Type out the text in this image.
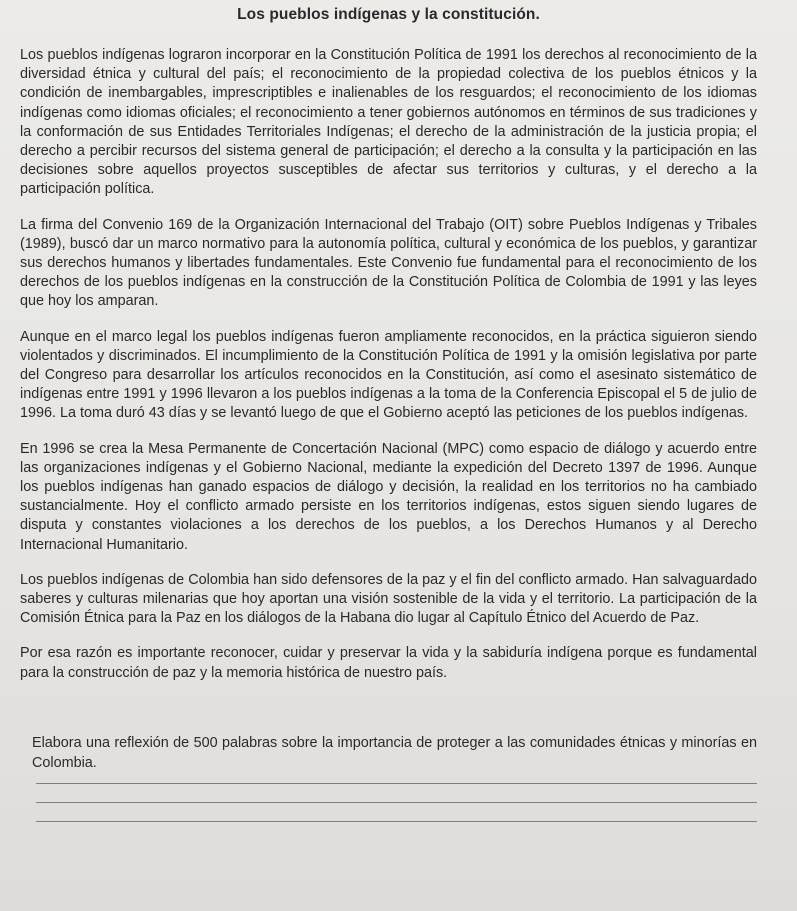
Los pueblos indígenas y la constitución.

Los pueblos indígenas lograron incorporar en la Constitución Política de 1991 los derechos al reconocimiento de la diversidad étnica y cultural del país; el reconocimiento de la propiedad colectiva de los pueblos étnicos y la condición de inembargables, imprescriptibles e inalienables de los resguardos; el reconocimiento de los idiomas indígenas como idiomas oficiales; el reconocimiento a tener gobiernos autónomos en términos de sus tradiciones y la conformación de sus Entidades Territoriales Indígenas; el derecho de la administración de la justicia propia; el derecho a percibir recursos del sistema general de participación; el derecho a la consulta y la participación en las decisiones sobre aquellos proyectos susceptibles de afectar sus territorios y culturas, y el derecho a la participación política.

La firma del Convenio 169 de la Organización Internacional del Trabajo (OIT) sobre Pueblos Indígenas y Tribales (1989), buscó dar un marco normativo para la autonomía política, cultural y económica de los pueblos, y garantizar sus derechos humanos y libertades fundamentales. Este Convenio fue fundamental para el reconocimiento de los derechos de los pueblos indígenas en la construcción de la Constitución Política de Colombia de 1991 y las leyes que hoy los amparan.

Aunque en el marco legal los pueblos indígenas fueron ampliamente reconocidos, en la práctica siguieron siendo violentados y discriminados. El incumplimiento de la Constitución Política de 1991 y la omisión legislativa por parte del Congreso para desarrollar los artículos reconocidos en la Constitución, así como el asesinato sistemático de indígenas entre 1991 y 1996 llevaron a los pueblos indígenas a la toma de la Conferencia Episcopal el 5 de julio de 1996. La toma duró 43 días y se levantó luego de que el Gobierno aceptó las peticiones de los pueblos indígenas.

En 1996 se crea la Mesa Permanente de Concertación Nacional (MPC) como espacio de diálogo y acuerdo entre las organizaciones indígenas y el Gobierno Nacional, mediante la expedición del Decreto 1397 de 1996. Aunque los pueblos indígenas han ganado espacios de diálogo y decisión, la realidad en los territorios no ha cambiado sustancialmente. Hoy el conflicto armado persiste en los territorios indígenas, estos siguen siendo lugares de disputa y constantes violaciones a los derechos de los pueblos, a los Derechos Humanos y al Derecho Internacional Humanitario.

Los pueblos indígenas de Colombia han sido defensores de la paz y el fin del conflicto armado. Han salvaguardado saberes y culturas milenarias que hoy aportan una visión sostenible de la vida y el territorio. La participación de la Comisión Étnica para la Paz en los diálogos de la Habana dio lugar al Capítulo Étnico del Acuerdo de Paz.

Por esa razón es importante reconocer, cuidar y preservar la vida y la sabiduría indígena porque es fundamental para la construcción de paz y la memoria histórica de nuestro país.

Elabora una reflexión de 500 palabras sobre la importancia de proteger a las comunidades étnicas y minorías en Colombia.
